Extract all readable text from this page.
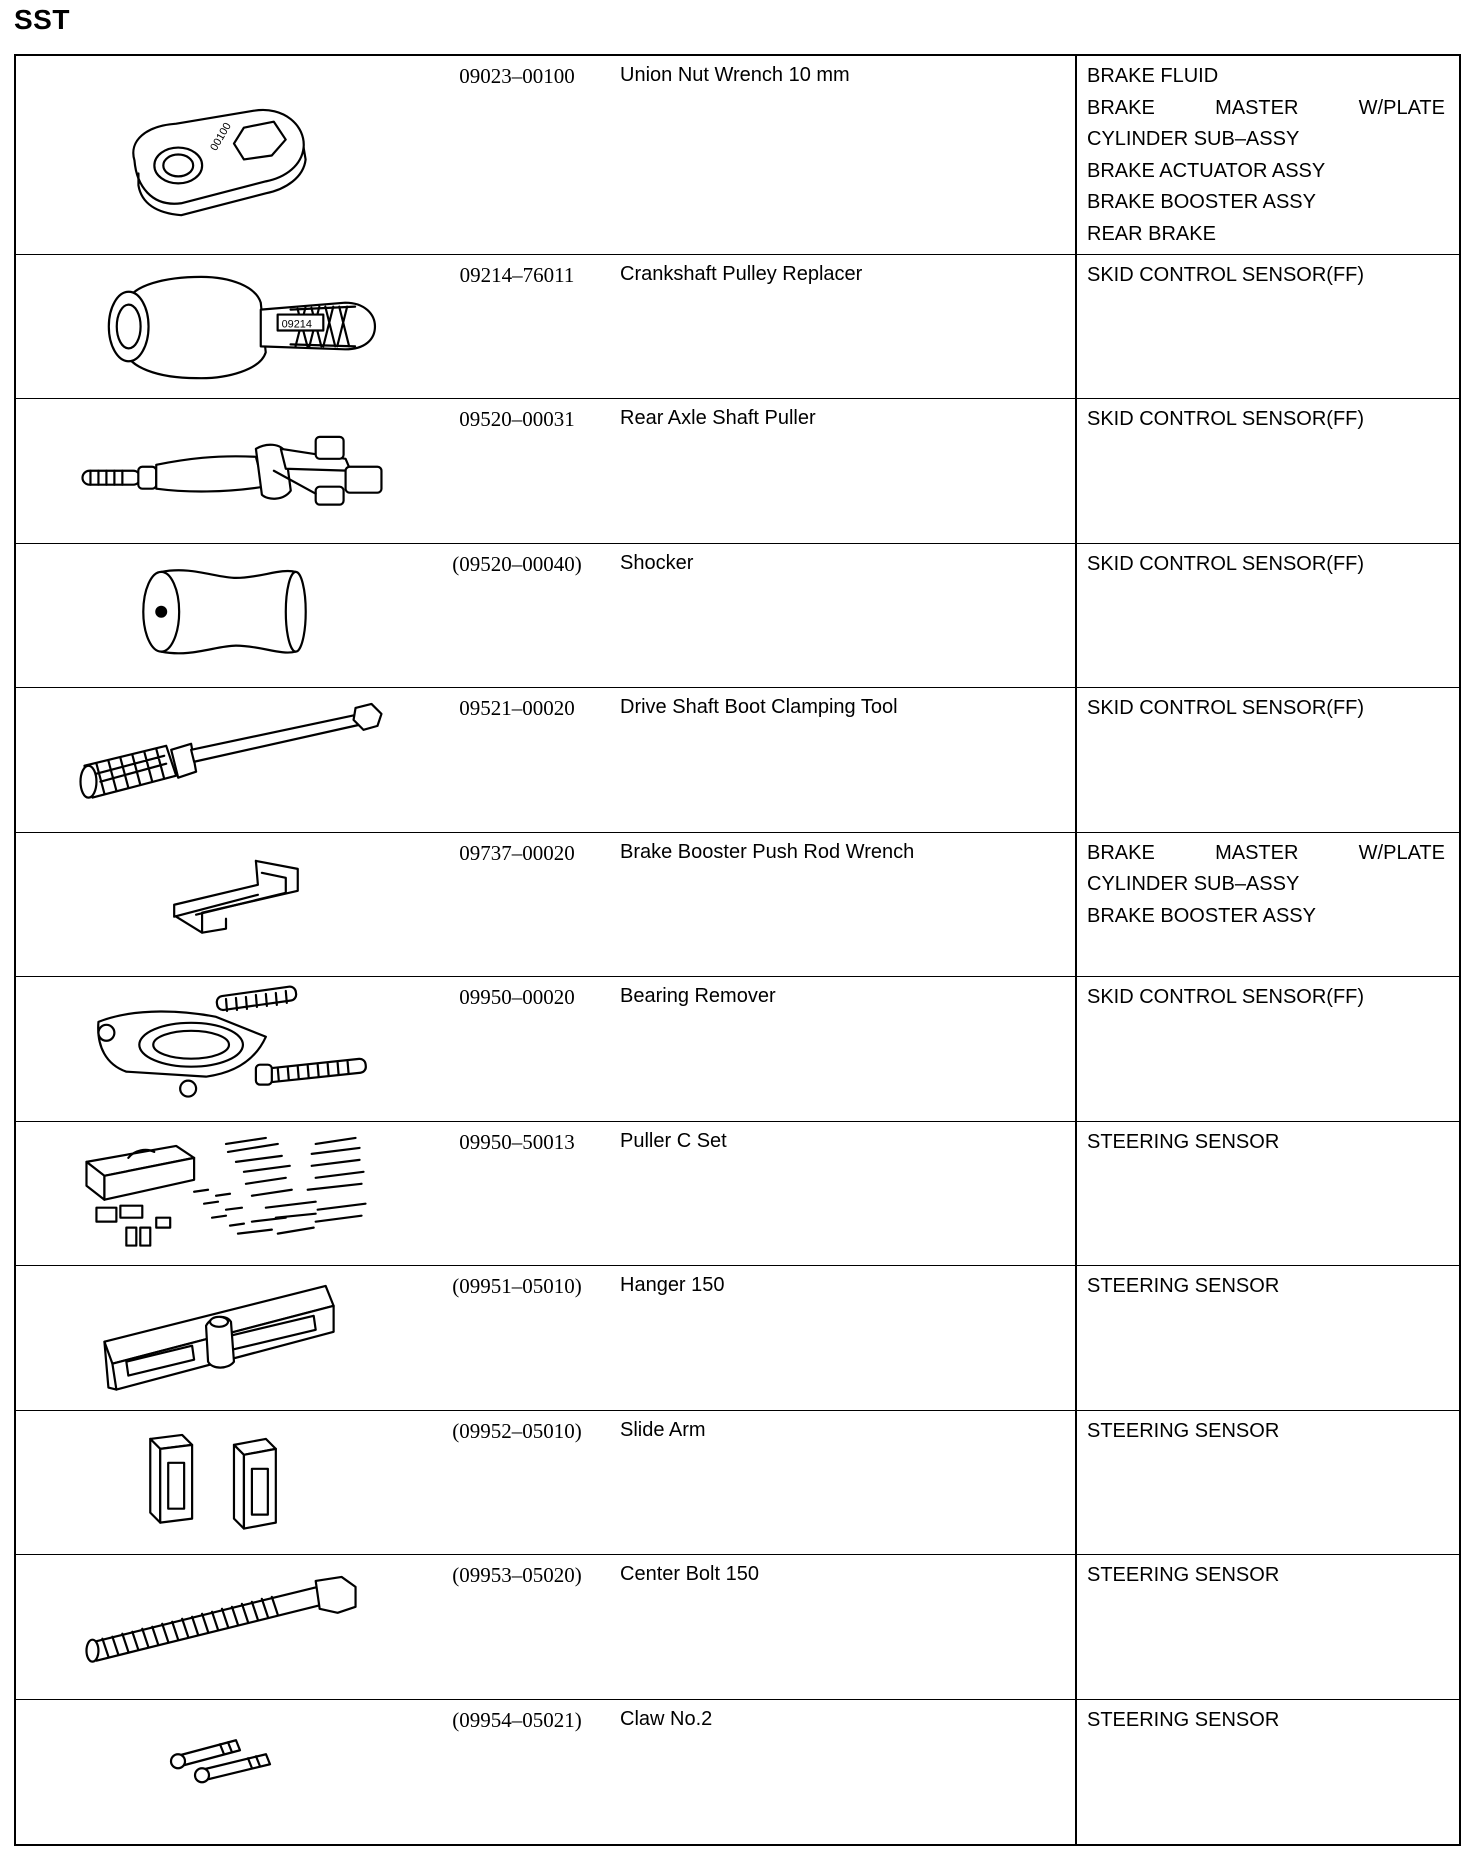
SST
00100
09023–00100	Union Nut Wrench 10 mm	BRAKE FLUID
BRAKE MASTER W/PLATE
CYLINDER SUB–ASSY
BRAKE ACTUATOR ASSY
BRAKE BOOSTER ASSY
REAR BRAKE
09214
09214–76011	Crankshaft Pulley Replacer	SKID CONTROL SENSOR(FF)
09520–00031	Rear Axle Shaft Puller	SKID CONTROL SENSOR(FF)
(09520–00040)	Shocker	SKID CONTROL SENSOR(FF)
09521–00020	Drive Shaft Boot Clamping Tool	SKID CONTROL SENSOR(FF)
09737–00020	Brake Booster Push Rod Wrench	BRAKE MASTER W/PLATE
CYLINDER SUB–ASSY
BRAKE BOOSTER ASSY
09950–00020	Bearing Remover	SKID CONTROL SENSOR(FF)
09950–50013	Puller C Set	STEERING SENSOR
(09951–05010)	Hanger 150	STEERING SENSOR
(09952–05010)	Slide Arm	STEERING SENSOR
(09953–05020)	Center Bolt 150	STEERING SENSOR
(09954–05021)	Claw No.2	STEERING SENSOR
